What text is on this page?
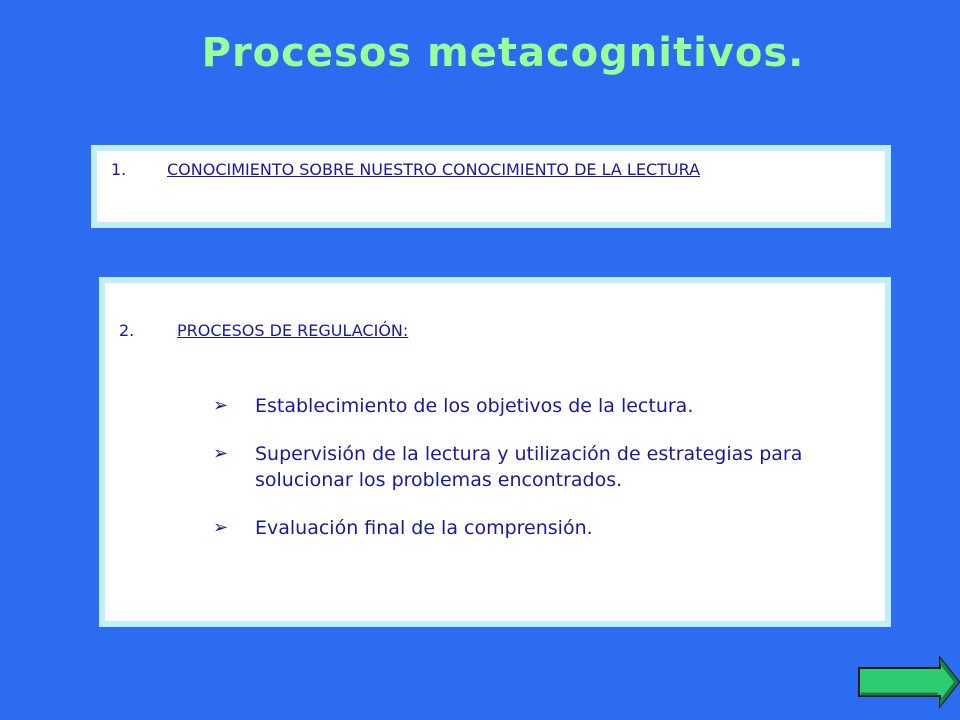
Procesos metacognitivos.
1.	CONOCIMIENTO SOBRE NUESTRO CONOCIMIENTO DE LA LECTURA
2.	PROCESOS DE REGULACIÓN:
➢ Establecimiento de los objetivos de la lectura.
➢ Supervisión de la lectura y utilización de estrategias para solucionar los problemas encontrados.
➢ Evaluación final de la comprensión.
